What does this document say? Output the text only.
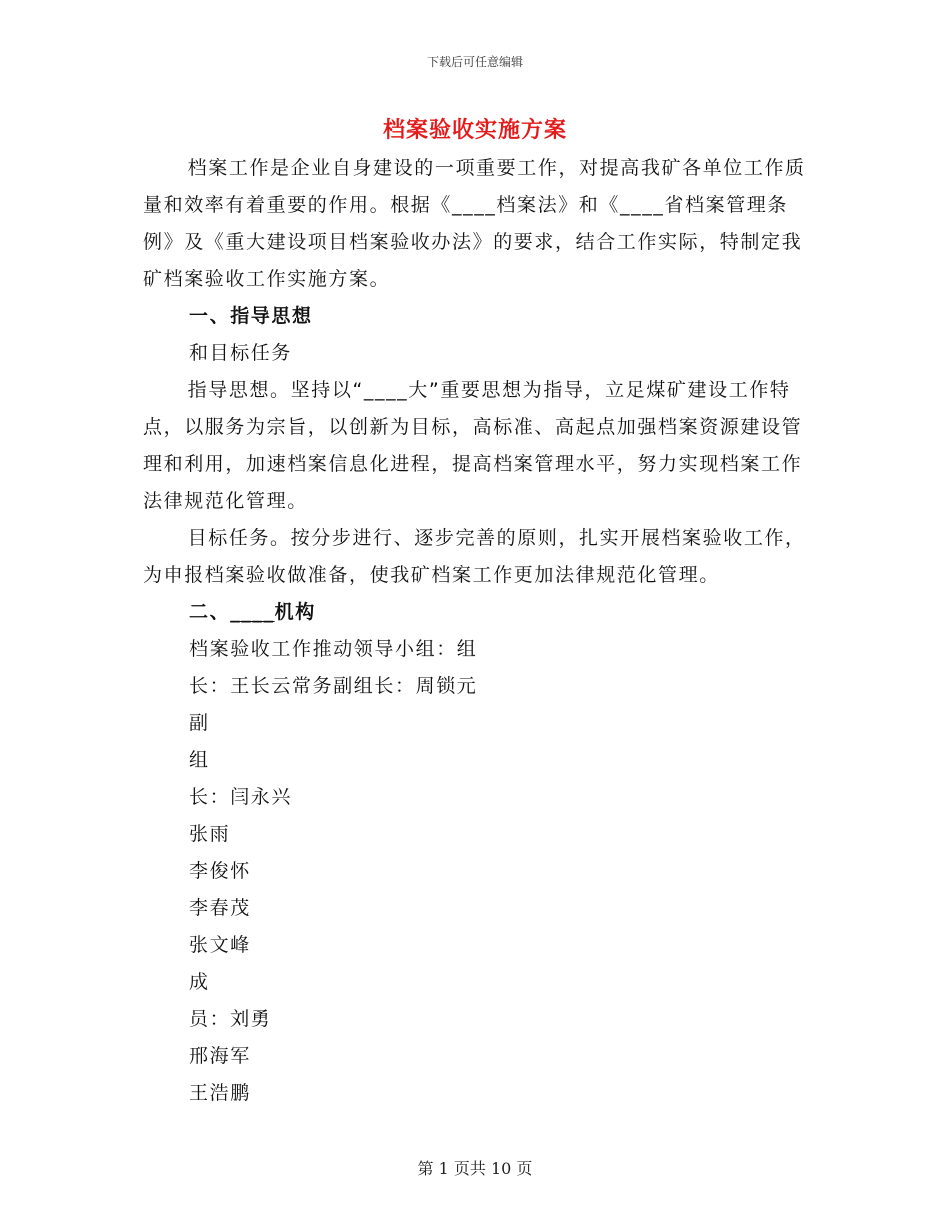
下载后可任意编辑
档案验收实施方案

档案工作是企业自身建设的一项重要工作，对提高我矿各单位工作质量和效率有着重要的作用。根据《____档案法》和《____省档案管理条例》及《重大建设项目档案验收办法》的要求，结合工作实际，特制定我矿档案验收工作实施方案。

一、指导思想

和目标任务

指导思想。坚持以“____大”重要思想为指导，立足煤矿建设工作特点，以服务为宗旨，以创新为目标，高标准、高起点加强档案资源建设管理和利用，加速档案信息化进程，提高档案管理水平，努力实现档案工作法律规范化管理。

目标任务。按分步进行、逐步完善的原则，扎实开展档案验收工作，为申报档案验收做准备，使我矿档案工作更加法律规范化管理。

二、____机构

档案验收工作推动领导小组：组

长：王长云常务副组长：周锁元

副

组

长：闫永兴

张雨

李俊怀

李春茂

张文峰

成

员：刘勇

邢海军

王浩鹏

第 1 页共 10 页
